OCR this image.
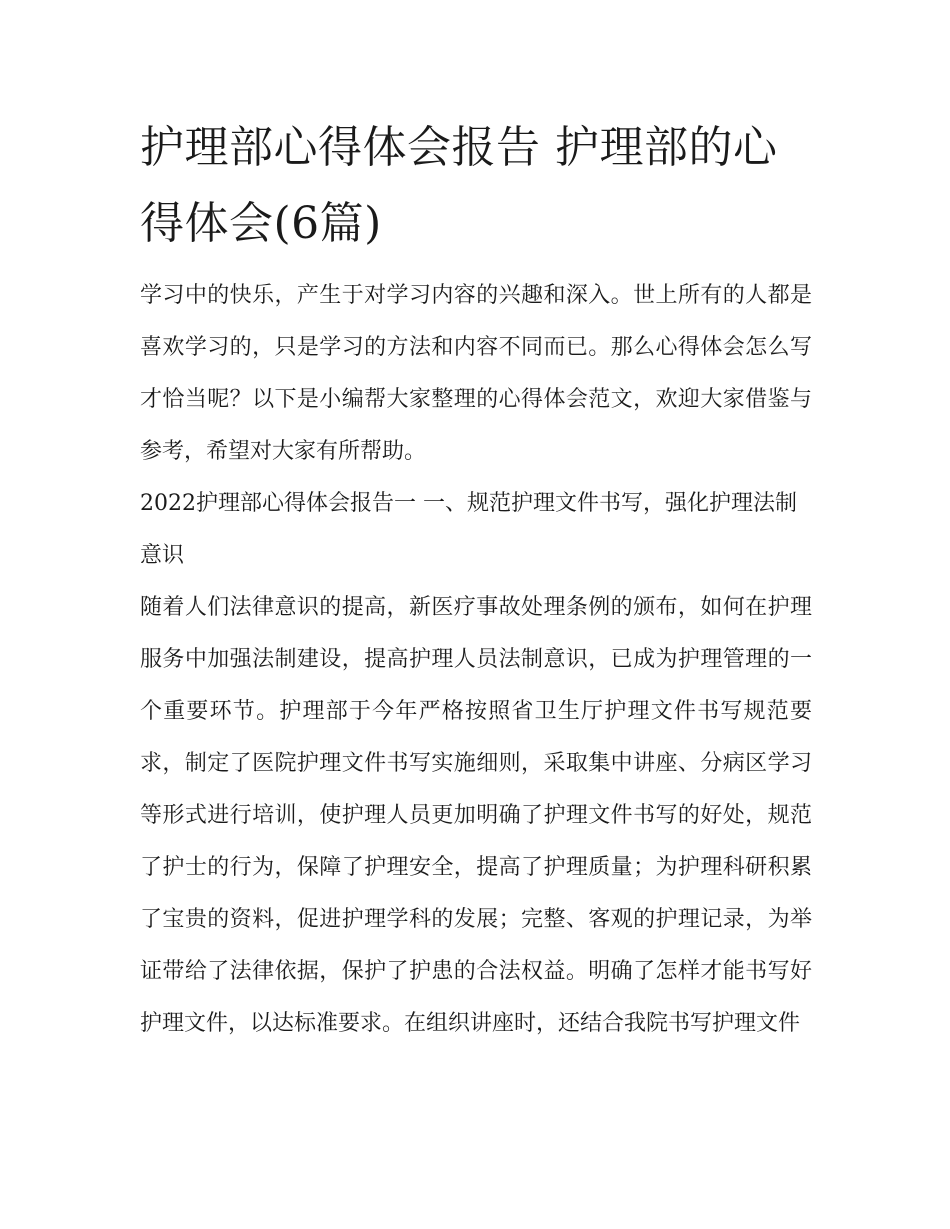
护理部心得体会报告 护理部的心得体会(6篇)

学习中的快乐，产生于对学习内容的兴趣和深入。世上所有的人都是喜欢学习的，只是学习的方法和内容不同而已。那么心得体会怎么写才恰当呢？以下是小编帮大家整理的心得体会范文，欢迎大家借鉴与参考，希望对大家有所帮助。

2022护理部心得体会报告一 一、规范护理文件书写，强化护理法制意识

随着人们法律意识的提高，新医疗事故处理条例的颁布，如何在护理服务中加强法制建设，提高护理人员法制意识，已成为护理管理的一个重要环节。护理部于今年严格按照省卫生厅护理文件书写规范要求，制定了医院护理文件书写实施细则，采取集中讲座、分病区学习等形式进行培训，使护理人员更加明确了护理文件书写的好处，规范了护士的行为，保障了护理安全，提高了护理质量；为护理科研积累了宝贵的资料，促进护理学科的发展；完整、客观的护理记录，为举证带给了法律依据，保护了护患的合法权益。明确了怎样才能书写好护理文件，以达标准要求。在组织讲座时，还结合我院书写护理文件
